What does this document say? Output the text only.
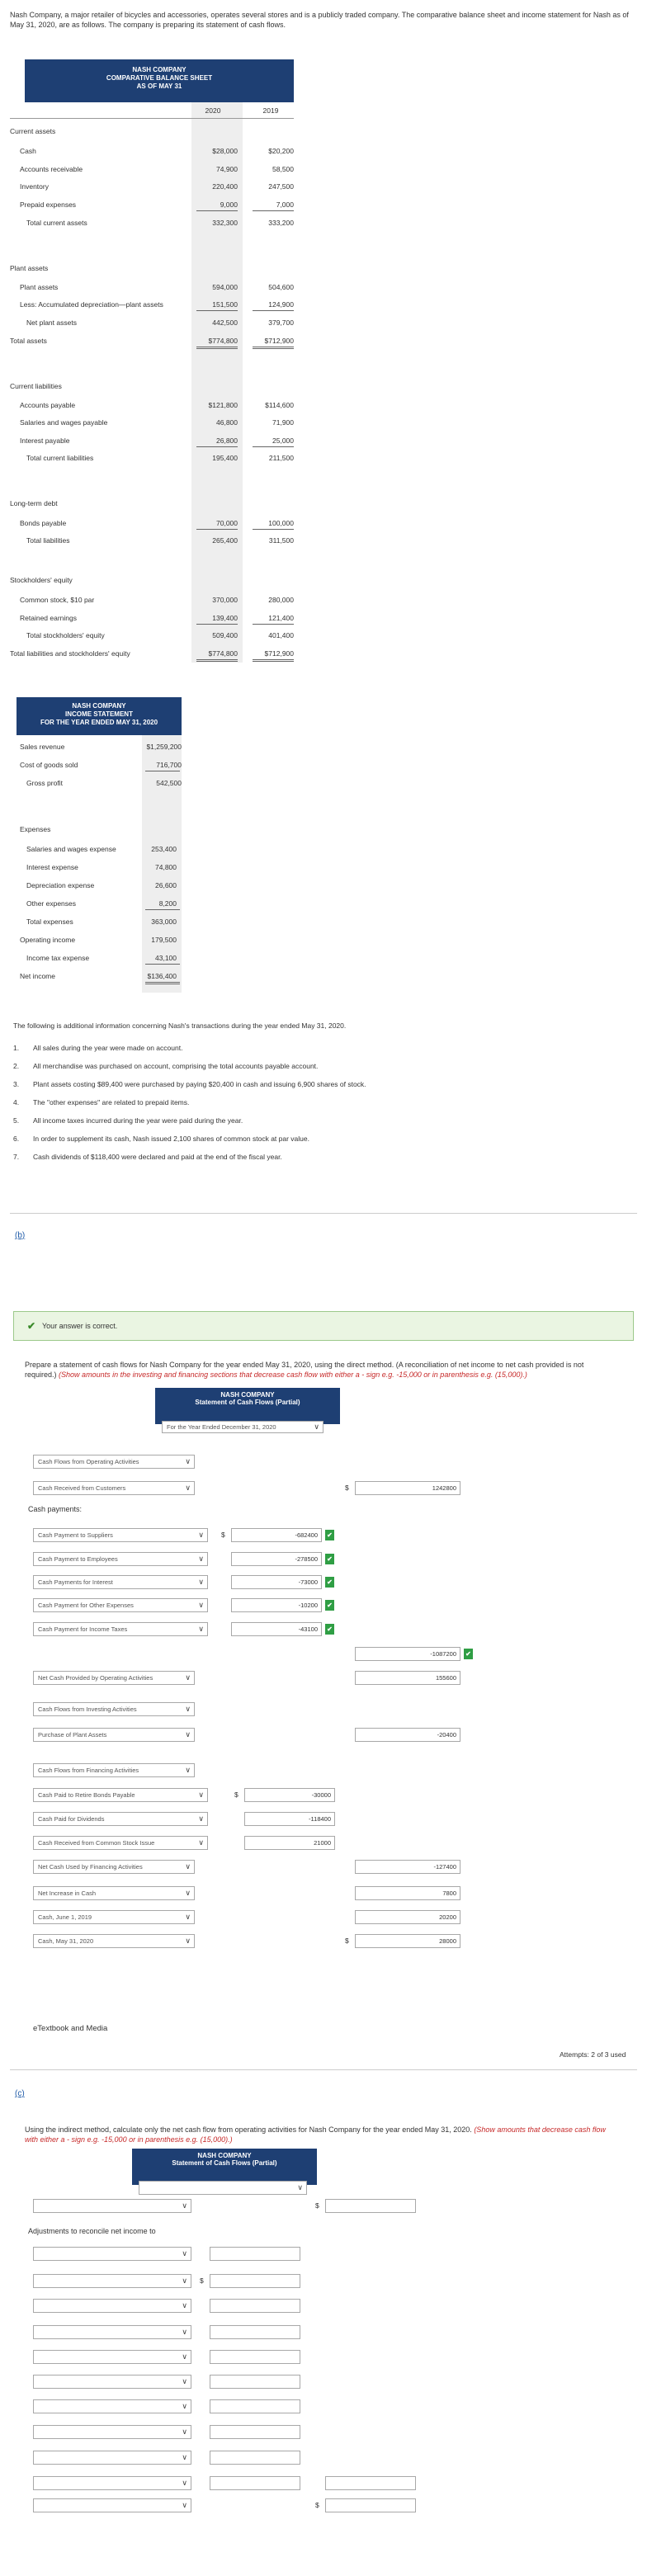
Nash Company, a major retailer of bicycles and accessories, operates several stores and is a publicly traded company. The comparative balance sheet and income statement for Nash as of May 31, 2020, are as follows. The company is preparing its statement of cash flows.
NASH COMPANY
COMPARATIVE BALANCE SHEET
AS OF MAY 31
2020	2019
Current assets
Cash	$28,000	$20,200
Accounts receivable	74,900	58,500
Inventory	220,400	247,500
Prepaid expenses	9,000	7,000
Total current assets	332,300	333,200
Plant assets
Plant assets	594,000	504,600
Less: Accumulated depreciation—plant assets	151,500	124,900
Net plant assets	442,500	379,700
Total assets	$774,800	$712,900
Current liabilities
Accounts payable	$121,800	$114,600
Salaries and wages payable	46,800	71,900
Interest payable	26,800	25,000
Total current liabilities	195,400	211,500
Long-term debt
Bonds payable	70,000	100,000
Total liabilities	265,400	311,500
Stockholders' equity
Common stock, $10 par	370,000	280,000
Retained earnings	139,400	121,400
Total stockholders' equity	509,400	401,400
Total liabilities and stockholders' equity	$774,800	$712,900
NASH COMPANY
INCOME STATEMENT
FOR THE YEAR ENDED MAY 31, 2020
Sales revenue	$1,259,200
Cost of goods sold	716,700
Gross profit	542,500
Expenses
Salaries and wages expense	253,400
Interest expense	74,800
Depreciation expense	26,600
Other expenses	8,200
Total expenses	363,000
Operating income	179,500
Income tax expense	43,100
Net income	$136,400
The following is additional information concerning Nash's transactions during the year ended May 31, 2020.
1. All sales during the year were made on account.
2. All merchandise was purchased on account, comprising the total accounts payable account.
3. Plant assets costing $89,400 were purchased by paying $20,400 in cash and issuing 6,900 shares of stock.
4. The "other expenses" are related to prepaid items.
5. All income taxes incurred during the year were paid during the year.
6. In order to supplement its cash, Nash issued 2,100 shares of common stock at par value.
7. Cash dividends of $118,400 were declared and paid at the end of the fiscal year.
(b)
✔ Your answer is correct.
Prepare a statement of cash flows for Nash Company for the year ended May 31, 2020, using the direct method. (A reconciliation of net income to net cash provided is not required.) (Show amounts in the investing and financing sections that decrease cash flow with either a - sign e.g. -15,000 or in parenthesis e.g. (15,000).)
NASH COMPANY
Statement of Cash Flows (Partial)
For the Year Ended December 31, 2020	∨
Cash Flows from Operating Activities	∨
Cash Received from Customers	∨	$	1242800
Cash payments:
Cash Payment to Suppliers	∨ $	-682400	✔
Cash Payment to Employees	∨	-278500	✔
Cash Payments for Interest	∨	-73000	✔
Cash Payment for Other Expenses	∨	-10200	✔
Cash Payment for Income Taxes	∨	-43100	✔
-1087200	✔
Net Cash Provided by Operating Activities	∨	155600
Cash Flows from Investing Activities	∨
Purchase of Plant Assets	∨	-20400
Cash Flows from Financing Activities	∨
Cash Paid to Retire Bonds Payable	∨	$	-30000
Cash Paid for Dividends	∨	-118400
Cash Received from Common Stock Issue	∨	21000
Net Cash Used by Financing Activities	∨	-127400
Net Increase in Cash	∨	7800
Cash, June 1, 2019	∨	20200
Cash, May 31, 2020	∨	$	28000
eTextbook and Media
Attempts: 2 of 3 used
(c)
Using the indirect method, calculate only the net cash flow from operating activities for Nash Company for the year ended May 31, 2020. (Show amounts that decrease cash flow with either a - sign e.g. -15,000 or in parenthesis e.g. (15,000).)
NASH COMPANY
Statement of Cash Flows (Partial)
∨
∨	$
Adjustments to reconcile net income to
∨
∨ $
∨
∨
∨
∨
∨
∨
∨
∨
∨	$
